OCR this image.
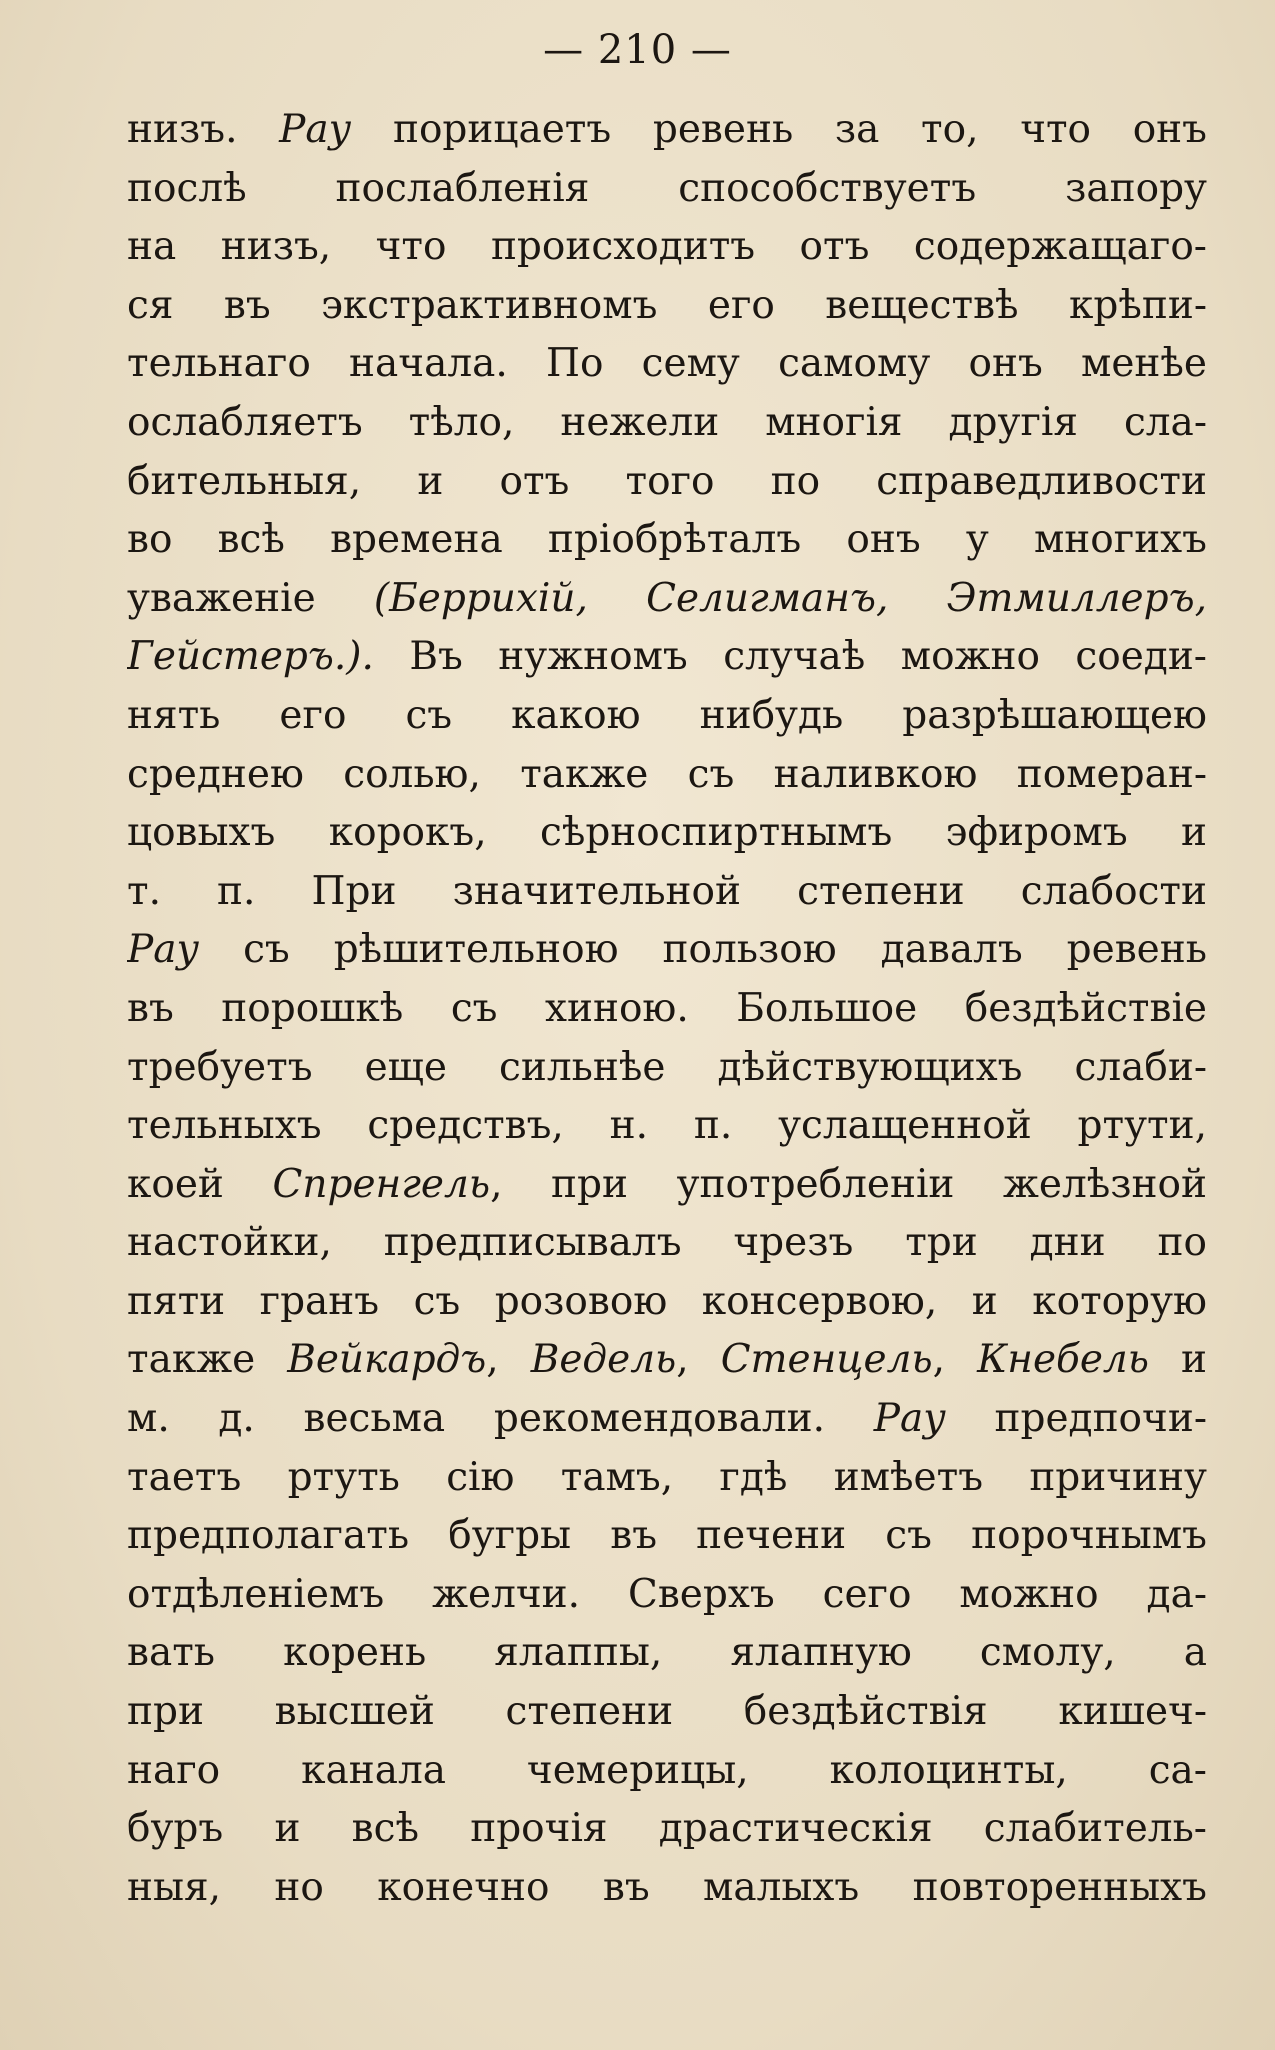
— 210 —
низъ. Рау порицаетъ ревень за то, что онъ
послѣ послабленія способствуетъ запору
на низъ, что происходитъ отъ содержащаго-
ся въ экстрактивномъ его веществѣ крѣпи-
тельнаго начала. По сему самому онъ менѣе
ослабляетъ тѣло, нежели многія другія сла-
бительныя, и отъ того по справедливости
во всѣ времена пріобрѣталъ онъ у многихъ
уваженіе (Беррихій, Селигманъ, Этмиллеръ,
Гейстеръ.). Въ нужномъ случаѣ можно соеди-
нять его съ какою нибудь разрѣшающею
среднею солью, также съ наливкою померан-
цовыхъ корокъ, сѣрноспиртнымъ эфиромъ и
т. п. При значительной степени слабости
Рау съ рѣшительною пользою давалъ ревень
въ порошкѣ съ хиною. Большое бездѣйствіе
требуетъ еще сильнѣе дѣйствующихъ слаби-
тельныхъ средствъ, н. п. услащенной ртути,
коей Спренгель, при употребленіи желѣзной
настойки, предписывалъ чрезъ три дни по
пяти гранъ съ розовою консервою, и которую
также Вейкардъ, Ведель, Стенцель, Кнебель и
м. д. весьма рекомендовали. Рау предпочи-
таетъ ртуть сію тамъ, гдѣ имѣетъ причину
предполагать бугры въ печени съ порочнымъ
отдѣленіемъ желчи. Сверхъ сего можно да-
вать корень ялаппы, ялапную смолу, а
при высшей степени бездѣйствія кишеч-
наго канала чемерицы, колоцинты, са-
буръ и всѣ прочія драстическія слабитель-
ныя, но конечно въ малыхъ повторенныхъ
